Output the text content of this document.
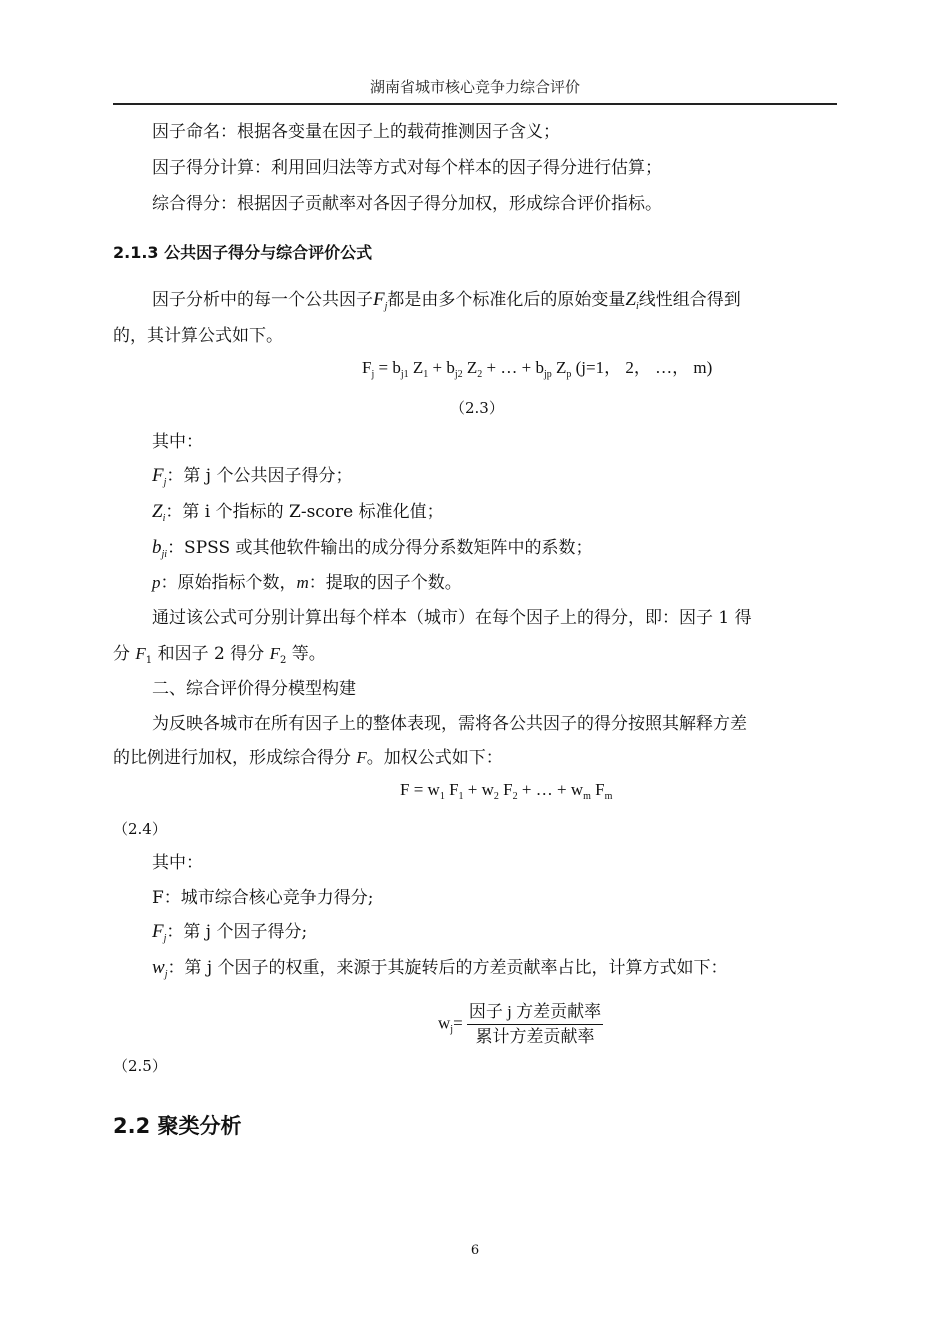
湖南省城市核心竞争力综合评价
因子命名：根据各变量在因子上的载荷推测因子含义；
因子得分计算：利用回归法等方式对每个样本的因子得分进行估算；
综合得分：根据因子贡献率对各因子得分加权，形成综合评价指标。
2.1.3 公共因子得分与综合评价公式
因子分析中的每一个公共因子$F_j$都是由多个标准化后的原始变量$Z_i$线性组合得到
的，其计算公式如下。
$F_j = b_{j1}$ $Z_1 + b_{j2}$ $Z_2$ + … + $b_{jp}$ $Z_p$ (j=1， 2， …， m)
（2.3）
其中：
$F_j$：第 j 个公共因子得分；
$Z_i$：第 i 个指标的 Z-score 标准化值；
$b_{ji}$：SPSS 或其他软件输出的成分得分系数矩阵中的系数；
p：原始指标个数，m：提取的因子个数。
通过该公式可分别计算出每个样本（城市）在每个因子上的得分，即：因子 1 得
分 $F_1$ 和因子 2 得分 $F_2$ 等。
二、综合评价得分模型构建
为反映各城市在所有因子上的整体表现，需将各公共因子的得分按照其解释方差
的比例进行加权，形成综合得分 F。加权公式如下：
$F = w_1$ $F_1 + w_2$ $F_2$ + … + $w_m$ $F_m$
（2.4）
其中：
F：城市综合核心竞争力得分;
$F_j$：第 j 个因子得分;
$w_j$：第 j 个因子的权重，来源于其旋转后的方差贡献率占比，计算方式如下：
$w_j= \frac{\text{因子 j 方差贡献率}}{\text{累计方差贡献率}}$
（2.5）
2.2 聚类分析
6
